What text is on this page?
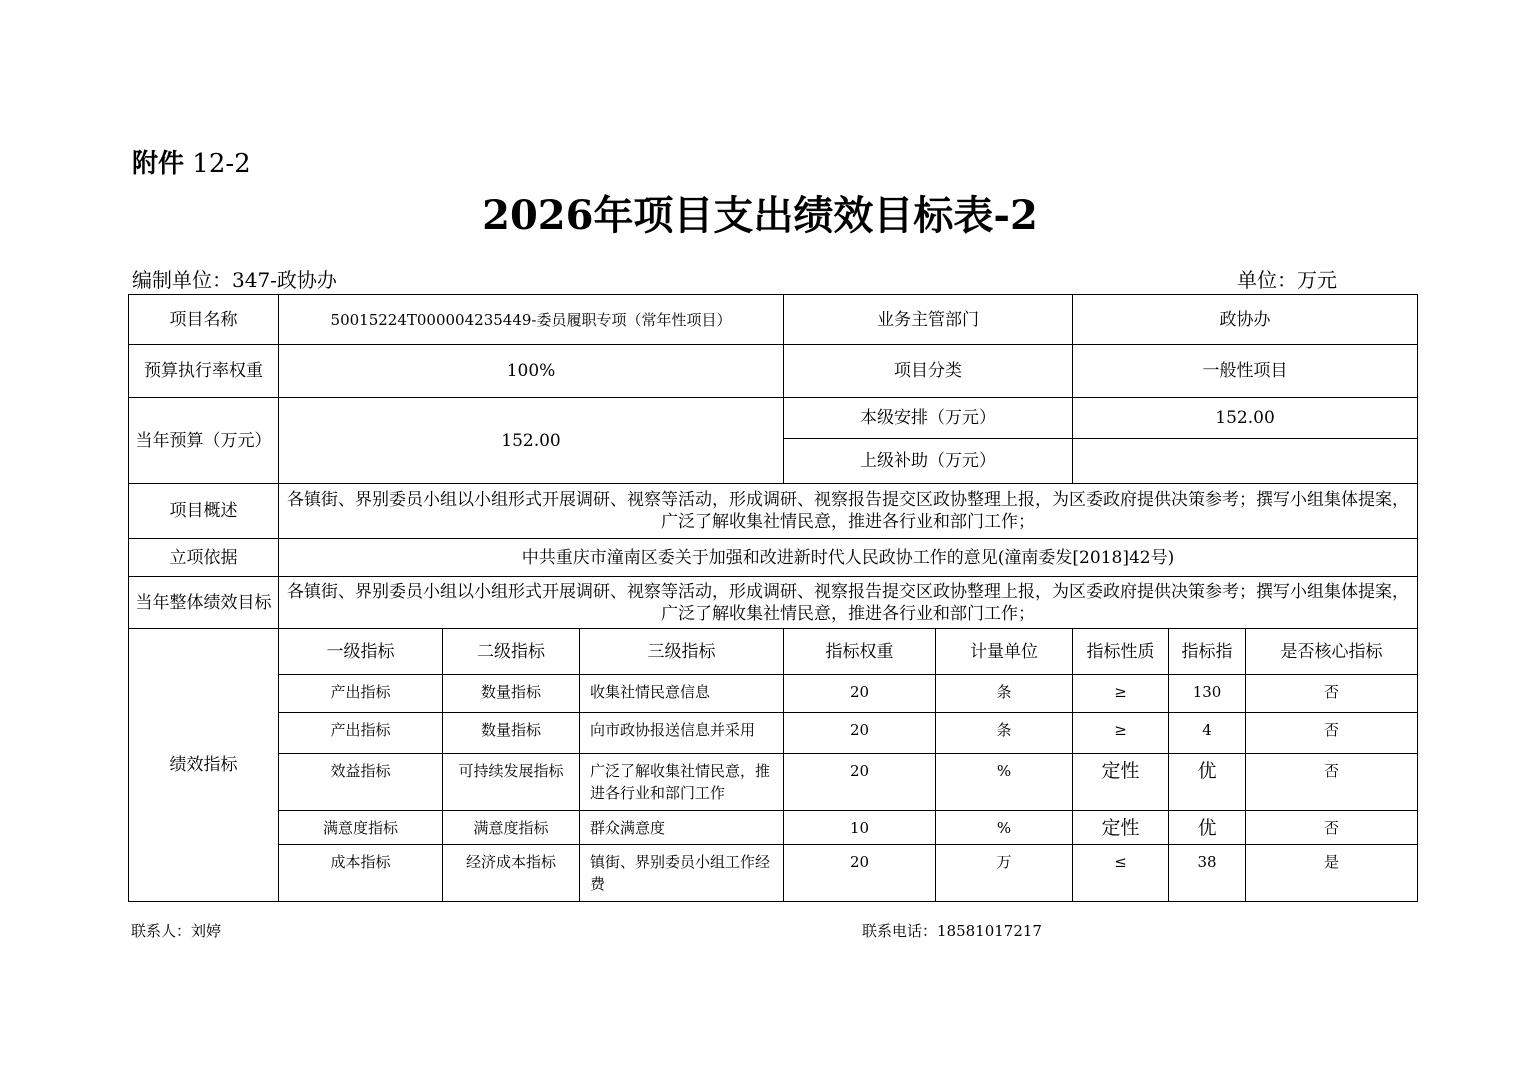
附件 12-2
2026年项目支出绩效目标表-2
编制单位：347-政协办	单位：万元
项目名称	50015224T000004235449-委员履职专项（常年性项目）			业务主管部门		政协办		
预算执行率权重	100%			项目分类		一般性项目		
当年预算（万元）	152.00			本级安排（万元）		152.00		
				上级补助（万元）				
项目概述	各镇街、界别委员小组以小组形式开展调研、视察等活动，形成调研、视察报告提交区政协整理上报，为区委政府提供决策参考；撰写小组集体提案，广泛了解收集社情民意，推进各行业和部门工作；							
立项依据	中共重庆市潼南区委关于加强和改进新时代人民政协工作的意见(潼南委发[2018]42号)							
当年整体绩效目标	各镇街、界别委员小组以小组形式开展调研、视察等活动，形成调研、视察报告提交区政协整理上报，为区委政府提供决策参考；撰写小组集体提案，广泛了解收集社情民意，推进各行业和部门工作；							
绩效指标	一级指标	二级指标	三级指标	指标权重	计量单位	指标性质	指标指	是否核心指标
	产出指标	数量指标	收集社情民意信息	20	条	≥	130	否
	产出指标	数量指标	向市政协报送信息并采用	20	条	≥	4	否
	效益指标	可持续发展指标	广泛了解收集社情民意，推进各行业和部门工作	20	%	定性	优	否
	满意度指标	满意度指标	群众满意度	10	%	定性	优	否
	成本指标	经济成本指标	镇街、界别委员小组工作经费	20	万	≤	38	是
联系人：刘婷	联系电话：18581017217
